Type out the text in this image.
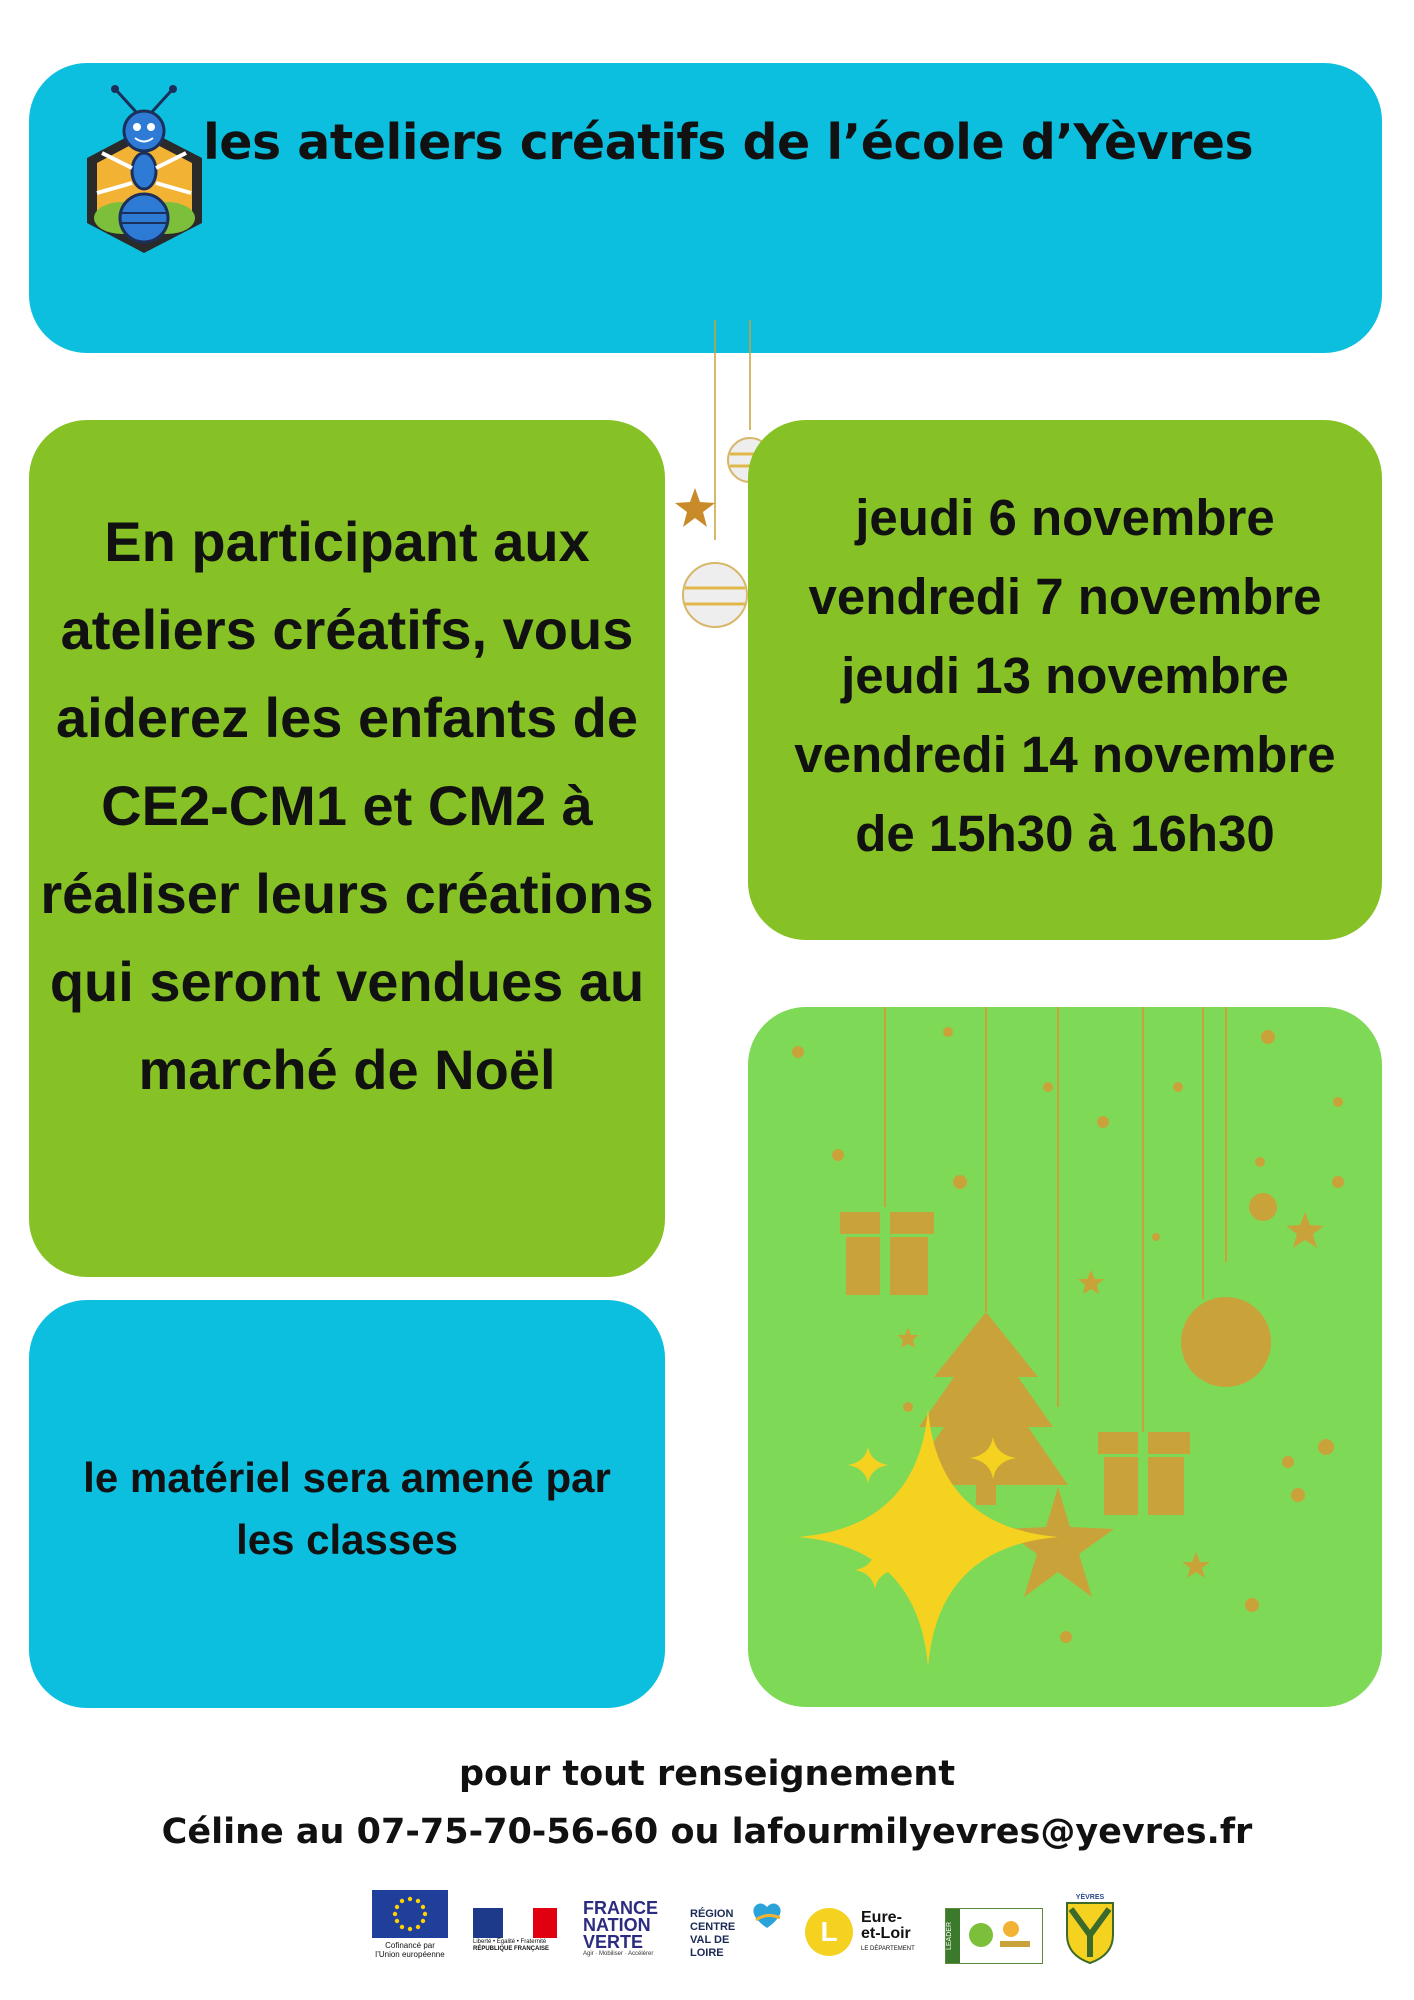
les ateliers créatifs de l’école d’Yèvres
En participant aux ateliers créatifs, vous aiderez les enfants de CE2-CM1 et CM2 à réaliser leurs créations qui seront vendues au marché de Noël
jeudi 6 novembre
vendredi 7 novembre
jeudi 13 novembre
vendredi 14 novembre
de 15h30 à 16h30
le matériel sera amené par les classes
pour tout renseignement
Céline au 07-75-70-56-60 ou lafourmilyevres@yevres.fr
Cofinancé par l’Union européenne
Liberté • Égalité • Fraternité
RÉPUBLIQUE FRANÇAISE
FRANCE NATION VERTE
Agir · Mobiliser · Accélérer
RÉGION CENTRE VAL DE LOIRE
L	Eure-et-Loir
LE DÉPARTEMENT	LEADER
YÈVRES
